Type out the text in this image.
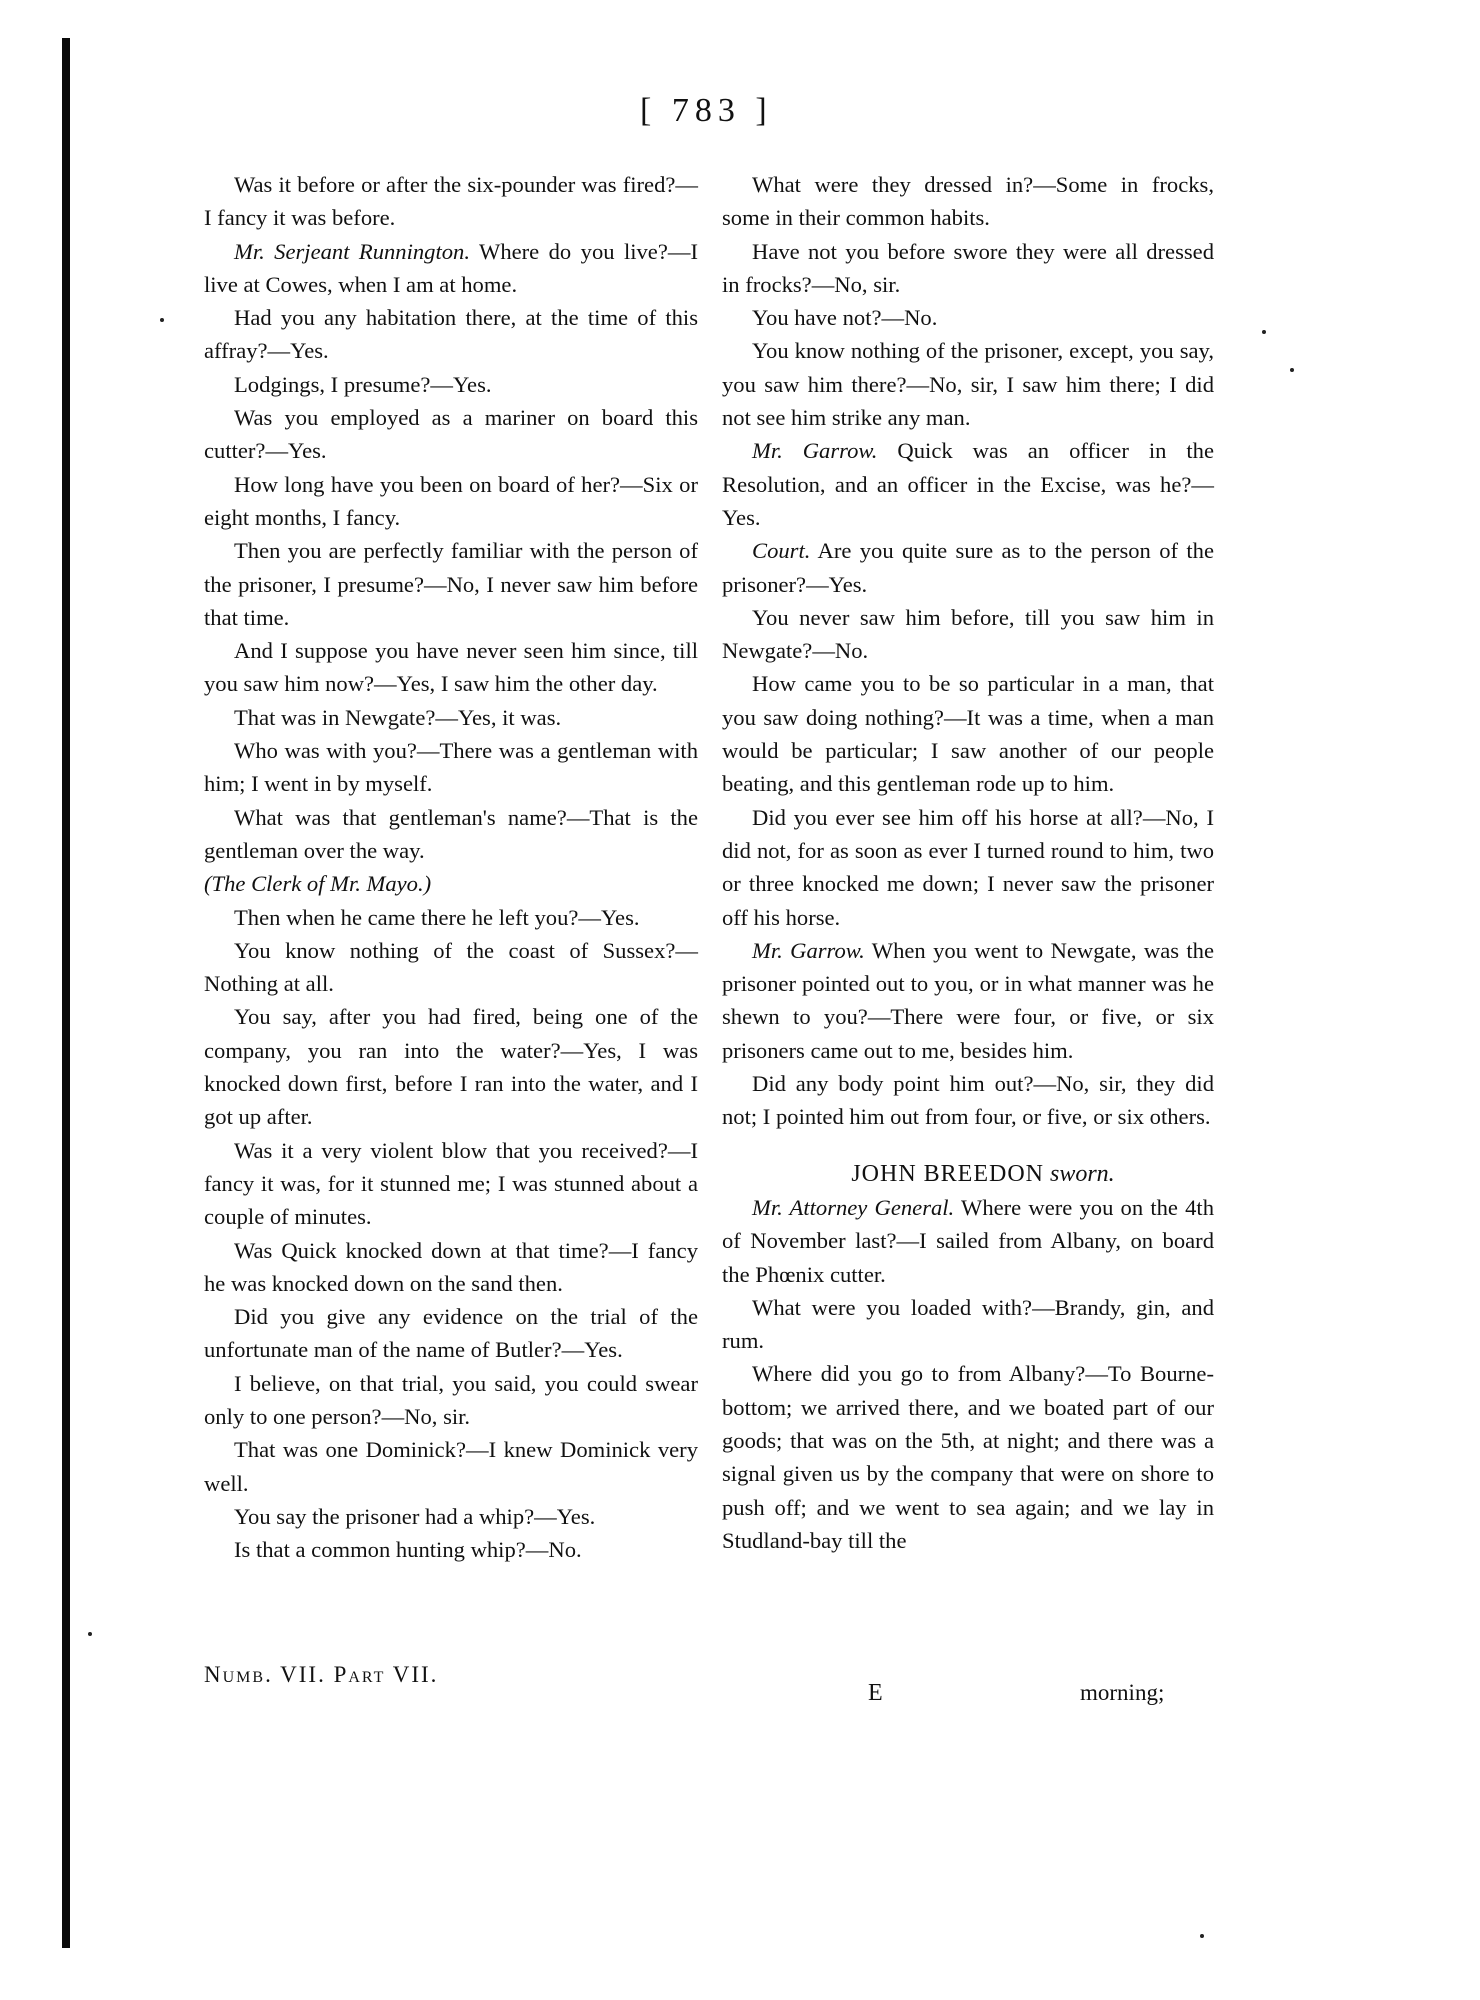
[ 783 ]

Was it before or after the six-pounder was fired?—I fancy it was before.

Mr. Serjeant Runnington. Where do you live?—I live at Cowes, when I am at home.

Had you any habitation there, at the time of this affray?—Yes.

Lodgings, I presume?—Yes.

Was you employed as a mariner on board this cutter?—Yes.

How long have you been on board of her?—Six or eight months, I fancy.

Then you are perfectly familiar with the person of the prisoner, I presume?—No, I never saw him before that time.

And I suppose you have never seen him since, till you saw him now?—Yes, I saw him the other day.

That was in Newgate?—Yes, it was.

Who was with you?—There was a gentleman with him; I went in by myself.

What was that gentleman's name?—That is the gentleman over the way.

(The Clerk of Mr. Mayo.)

Then when he came there he left you?—Yes.

You know nothing of the coast of Sussex?—Nothing at all.

You say, after you had fired, being one of the company, you ran into the water?—Yes, I was knocked down first, before I ran into the water, and I got up after.

Was it a very violent blow that you received?—I fancy it was, for it stunned me; I was stunned about a couple of minutes.

Was Quick knocked down at that time?—I fancy he was knocked down on the sand then.

Did you give any evidence on the trial of the unfortunate man of the name of Butler?—Yes.

I believe, on that trial, you said, you could swear only to one person?—No, sir.

That was one Dominick?—I knew Dominick very well.

You say the prisoner had a whip?—Yes.

Is that a common hunting whip?—No.

What were they dressed in?—Some in frocks, some in their common habits.

Have not you before swore they were all dressed in frocks?—No, sir.

You have not?—No.

You know nothing of the prisoner, except, you say, you saw him there?—No, sir, I saw him there; I did not see him strike any man.

Mr. Garrow. Quick was an officer in the Resolution, and an officer in the Excise, was he?—Yes.

Court. Are you quite sure as to the person of the prisoner?—Yes.

You never saw him before, till you saw him in Newgate?—No.

How came you to be so particular in a man, that you saw doing nothing?—It was a time, when a man would be particular; I saw another of our people beating, and this gentleman rode up to him.

Did you ever see him off his horse at all?—No, I did not, for as soon as ever I turned round to him, two or three knocked me down; I never saw the prisoner off his horse.

Mr. Garrow. When you went to Newgate, was the prisoner pointed out to you, or in what manner was he shewn to you?—There were four, or five, or six prisoners came out to me, besides him.

Did any body point him out?—No, sir, they did not; I pointed him out from four, or five, or six others.

JOHN BREEDON sworn.

Mr. Attorney General. Where were you on the 4th of November last?—I sailed from Albany, on board the Phœnix cutter.

What were you loaded with?—Brandy, gin, and rum.

Where did you go to from Albany?—To Bourne-bottom; we arrived there, and we boated part of our goods; that was on the 5th, at night; and there was a signal given us by the company that were on shore to push off; and we went to sea again; and we lay in Studland-bay till the

Numb. VII. Part VII.
E	morning;
